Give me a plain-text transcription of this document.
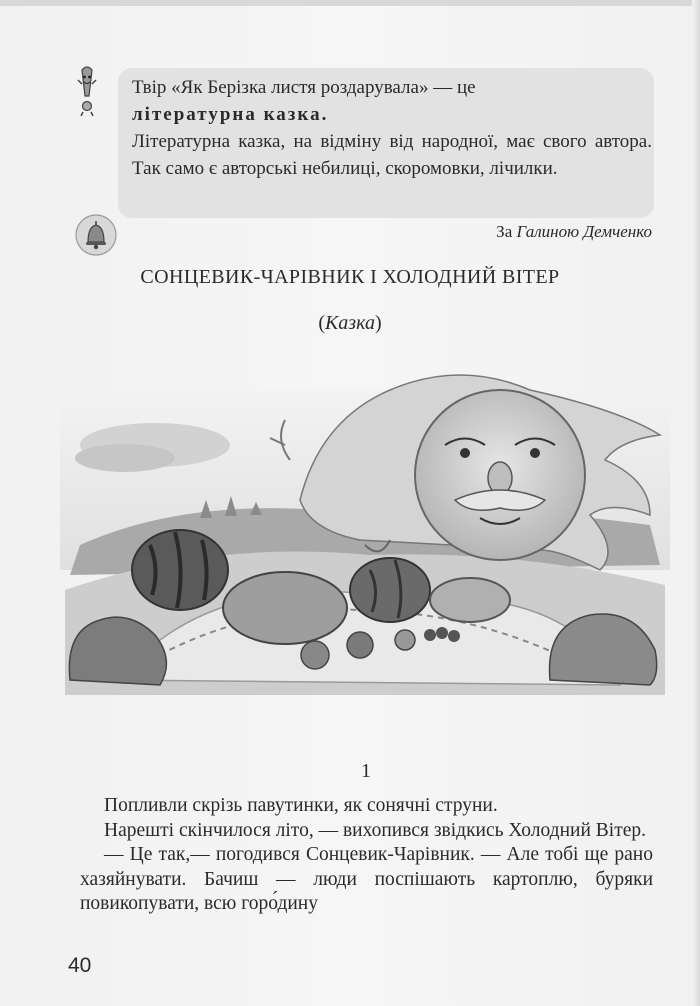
Твір «Як Берізка листя роздарувала» — це
літературна казка.

Літературна казка, на відміну від народної, має свого автора. Так само є авторські небилиці, скоромовки, лічилки.

За Галиною Демченко
СОНЦЕВИК-ЧАРІВНИК І ХОЛОДНИЙ ВІТЕР
(Казка)
1

Попливли скрізь павутинки, як сонячні струни.

Нарешті скінчилося літо, — вихопився звідкись Холодний Вітер.

— Це так,— погодився Сонцевик-Чарівник. — Але тобі ще рано хазяйнувати. Бачиш — люди поспішають картоплю, буряки повикопувати, всю горо́дину

40
